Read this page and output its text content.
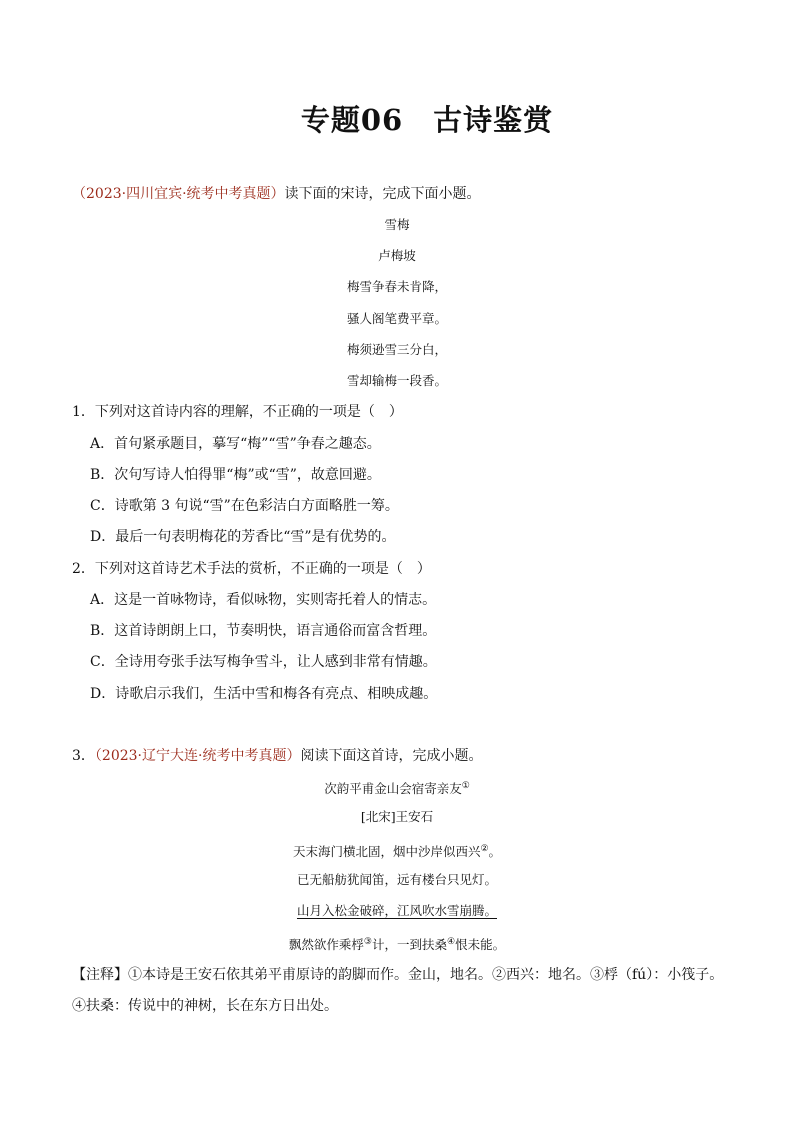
专题06　古诗鉴赏
（2023·四川宜宾·统考中考真题）读下面的宋诗，完成下面小题。
雪梅
卢梅坡
梅雪争春未肯降，
骚人阁笔费平章。
梅须逊雪三分白，
雪却输梅一段香。
1．下列对这首诗内容的理解，不正确的一项是（　）
A．首句紧承题目，摹写“梅”“雪”争春之趣态。
B．次句写诗人怕得罪“梅”或“雪”，故意回避。
C．诗歌第 3 句说“雪”在色彩洁白方面略胜一筹。
D．最后一句表明梅花的芳香比“雪”是有优势的。
2．下列对这首诗艺术手法的赏析，不正确的一项是（　）
A．这是一首咏物诗，看似咏物，实则寄托着人的情志。
B．这首诗朗朗上口，节奏明快，语言通俗而富含哲理。
C．全诗用夸张手法写梅争雪斗，让人感到非常有情趣。
D．诗歌启示我们，生活中雪和梅各有亮点、相映成趣。
3．（2023·辽宁大连·统考中考真题）阅读下面这首诗，完成小题。
次韵平甫金山会宿寄亲友①
[北宋]王安石
天末海门横北固，烟中沙岸似西兴②。
已无船舫犹闻笛，远有楼台只见灯。
山月入松金破碎，江风吹水雪崩腾。
飘然欲作乘桴③计，一到扶桑④恨未能。
【注释】①本诗是王安石依其弟平甫原诗的韵脚而作。金山，地名。②西兴：地名。③桴（fú）：小筏子。
④扶桑：传说中的神树，长在东方日出处。
